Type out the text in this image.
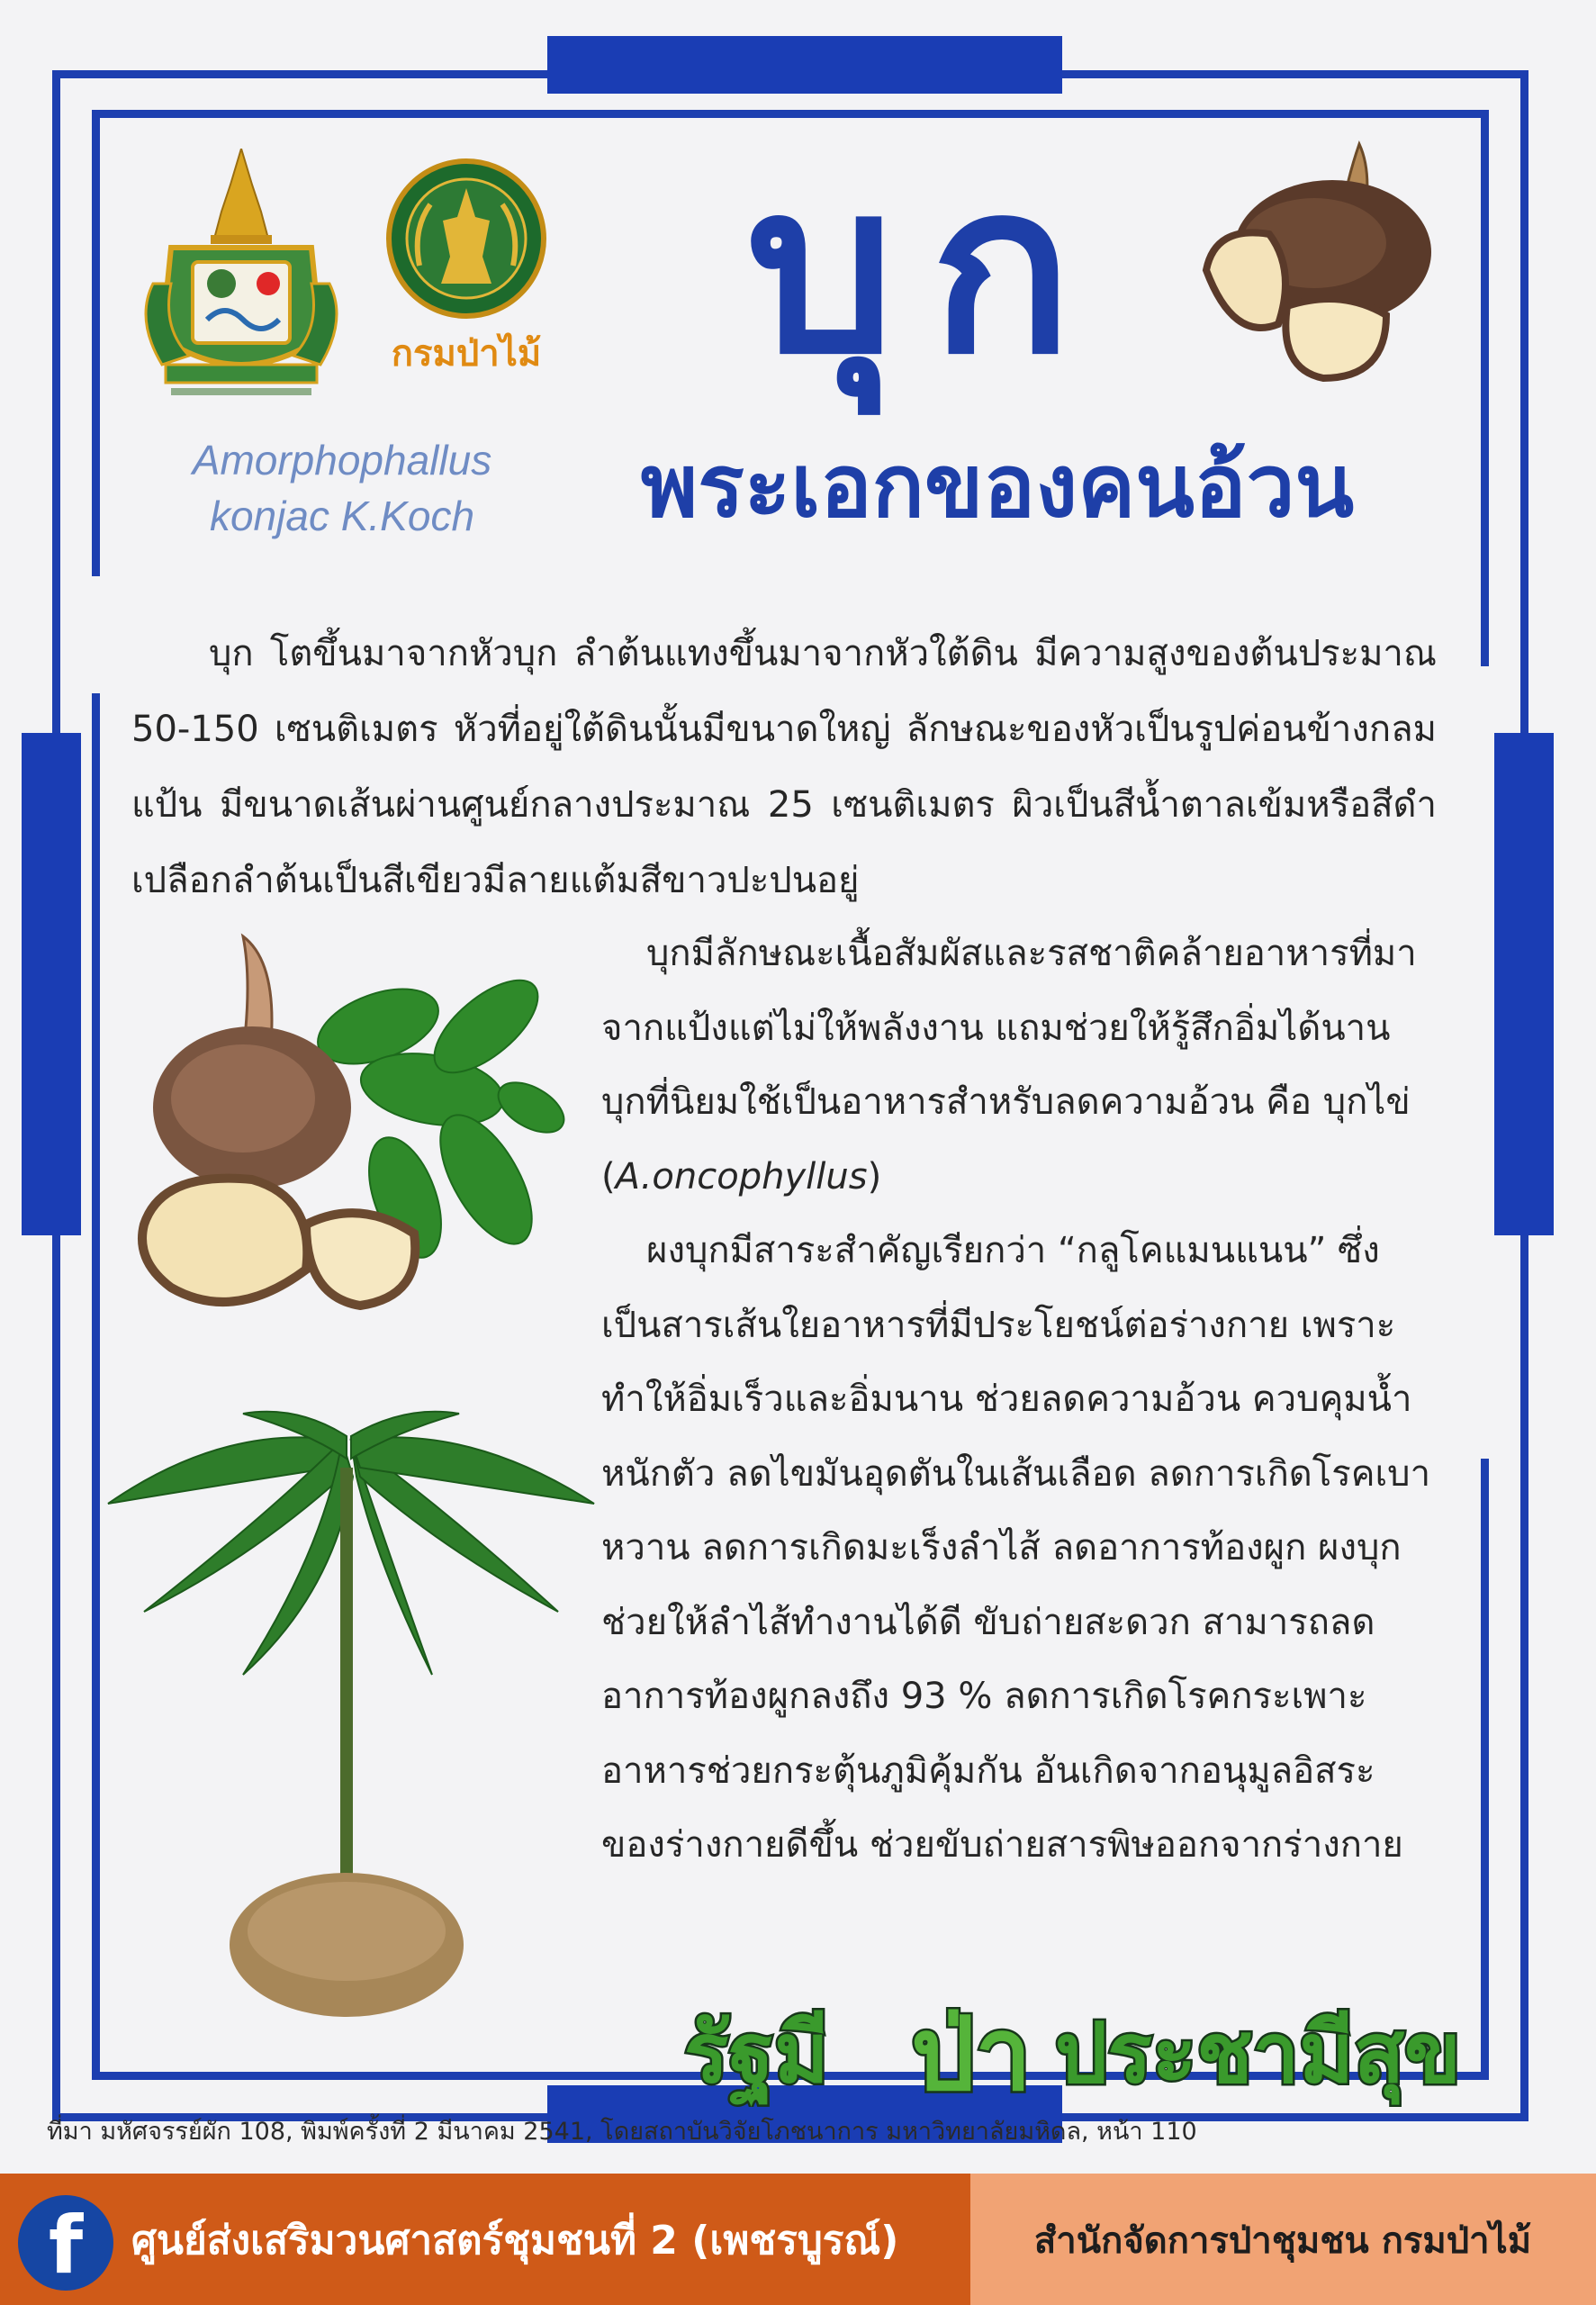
กรมป่าไม้
Amorphophallus
konjac K.Koch
บุก
พระเอกของคนอ้วน
บุก โตขึ้นมาจากหัวบุก ลำต้นแทงขึ้นมาจากหัวใต้ดิน มีความสูงของต้นประมาณ 50-150 เซนติเมตร หัวที่อยู่ใต้ดินนั้นมีขนาดใหญ่ ลักษณะของหัวเป็นรูปค่อนข้างกลมแป้น มีขนาดเส้นผ่านศูนย์กลางประมาณ 25 เซนติเมตร ผิวเป็นสีน้ำตาลเข้มหรือสีดำ เปลือกลำต้นเป็นสีเขียวมีลายแต้มสีขาวปะปนอยู่

บุกมีลักษณะเนื้อสัมผัสและรสชาติคล้ายอาหารที่มาจากแป้งแต่ไม่ให้พลังงาน แถมช่วยให้รู้สึกอิ่มได้นาน บุกที่นิยมใช้เป็นอาหารสำหรับลดความอ้วน คือ บุกไข่ (A.oncophyllus)

ผงบุกมีสาระสำคัญเรียกว่า “กลูโคแมนแนน” ซึ่งเป็นสารเส้นใยอาหารที่มีประโยชน์ต่อร่างกาย เพราะทำให้อิ่มเร็วและอิ่มนาน ช่วยลดความอ้วน ควบคุมน้ำหนักตัว ลดไขมันอุดตันในเส้นเลือด ลดการเกิดโรคเบาหวาน ลดการเกิดมะเร็งลำไส้ ลดอาการท้องผูก ผงบุกช่วยให้ลำไส้ทำงานได้ดี ขับถ่ายสะดวก สามารถลดอาการท้องผูกลงถึง 93 % ลดการเกิดโรคกระเพาะอาหารช่วยกระตุ้นภูมิคุ้มกัน อันเกิดจากอนุมูลอิสระของร่างกายดีขึ้น ช่วยขับถ่ายสารพิษออกจากร่างกาย

รัฐมี ป่า ประชามีสุข
ที่มา มหัศจรรย์ผัก 108, พิมพ์ครั้งที่ 2 มีนาคม 2541, โดยสถาบันวิจัยโภชนาการ มหาวิทยาลัยมหิดล, หน้า 110
f	ศูนย์ส่งเสริมวนศาสตร์ชุมชนที่ 2 (เพชรบูรณ์)	สำนักจัดการป่าชุมชน กรมป่าไม้
